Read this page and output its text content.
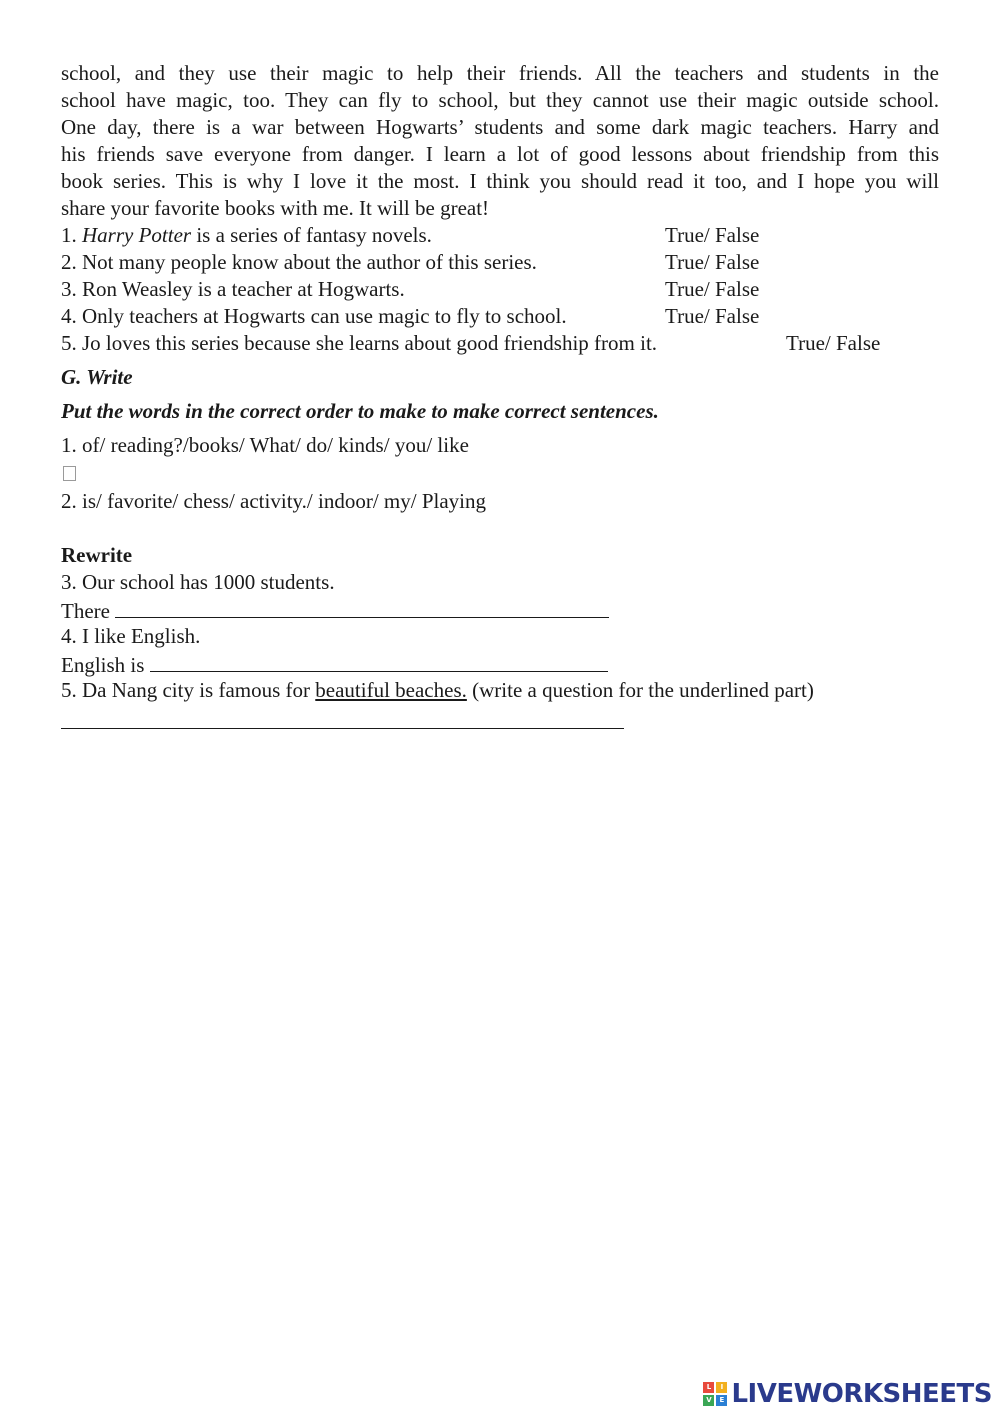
school, and they use their magic to help their friends. All the teachers and students in the

school have magic, too. They can fly to school, but they cannot use their magic outside school.

One day, there is a war between Hogwarts’ students and some dark magic teachers. Harry and

his friends save everyone from danger. I learn a lot of good lessons about friendship from this

book series. This is why I love it the most. I think you should read it too, and I hope you will

share your favorite books with me. It will be great!

1. Harry Potter is a series of fantasy novels.	True/ False
2. Not many people know about the author of this series.	True/ False
3. Ron Weasley is a teacher at Hogwarts.	True/ False
4. Only teachers at Hogwarts can use magic to fly to school.	True/ False
5. Jo loves this series because she learns about good friendship from it.	True/ False

G. Write

Put the words in the correct order to make to make correct sentences.

1. of/ reading?/books/ What/ do/ kinds/ you/ like
2. is/ favorite/ chess/ activity./ indoor/ my/ Playing
Rewrite
3. Our school has 1000 students.
There
4. I like English.
English is
5. Da Nang city is famous for beautiful beaches. (write a question for the underlined part)
L	I
V	E LIVEWORKSHEETS
